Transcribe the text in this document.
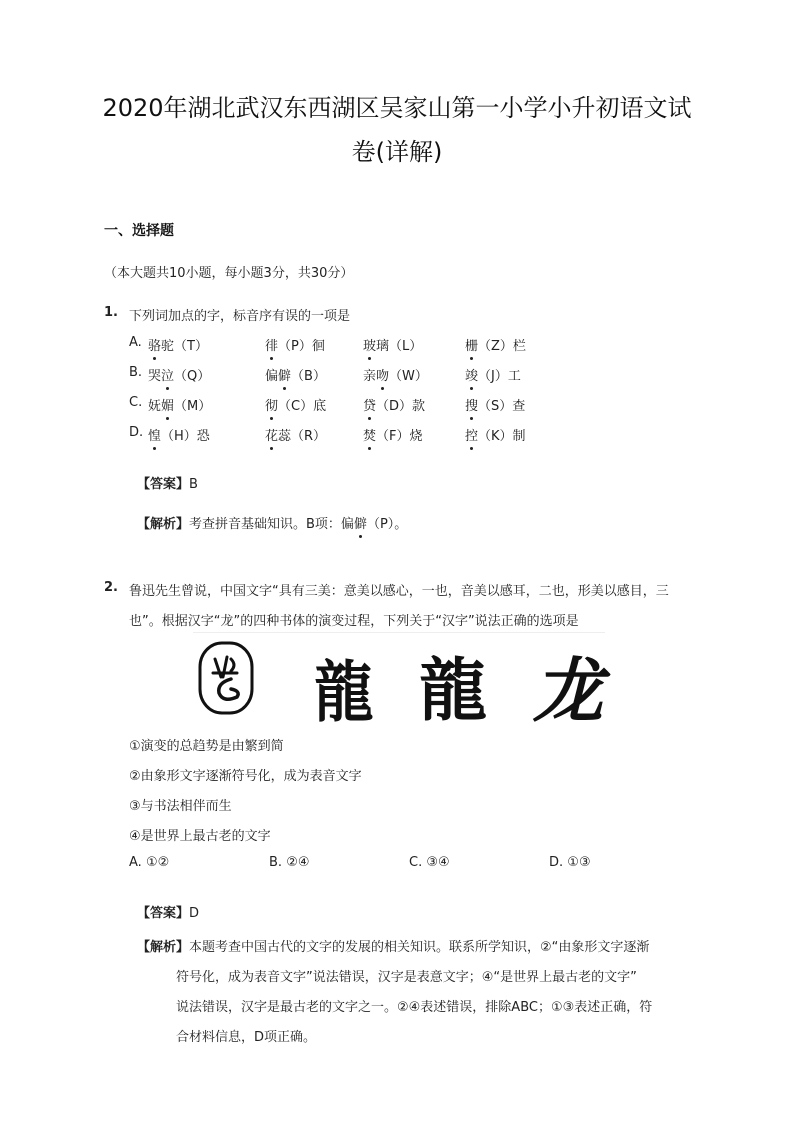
2020年湖北武汉东西湖区吴家山第一小学小升初语文试
卷(详解)
一、选择题
（本大题共10小题，每小题3分，共30分）
1. 下列词加点的字，标音序有误的一项是
A. 骆驼（T）	徘（P）徊	玻璃（L）	栅（Z）栏
B. 哭泣（Q）	偏僻（B）	亲吻（W）	竣（J）工
C. 妩媚（M）	彻（C）底	贷（D）款	搜（S）查
D. 惶（H）恐	花蕊（R）	焚（F）烧	控（K）制
【答案】B
【解析】考查拼音基础知识。B项：偏僻（P）。
2. 鲁迅先生曾说，中国文字“具有三美：意美以感心，一也，音美以感耳，二也，形美以感目，三
也”。根据汉字“龙”的四种书体的演变过程，下列关于“汉字”说法正确的选项是
龍 龍 龙
①演变的总趋势是由繁到简
②由象形文字逐渐符号化，成为表音文字
③与书法相伴而生
④是世界上最古老的文字
A. ①②	B. ②④	C. ③④	D. ①③
【答案】D
【解析】本题考查中国古代的文字的发展的相关知识。联系所学知识，②“由象形文字逐渐
符号化，成为表音文字”说法错误，汉字是表意文字；④“是世界上最古老的文字”
说法错误，汉字是最古老的文字之一。②④表述错误，排除ABC；①③表述正确，符
合材料信息，D项正确。
